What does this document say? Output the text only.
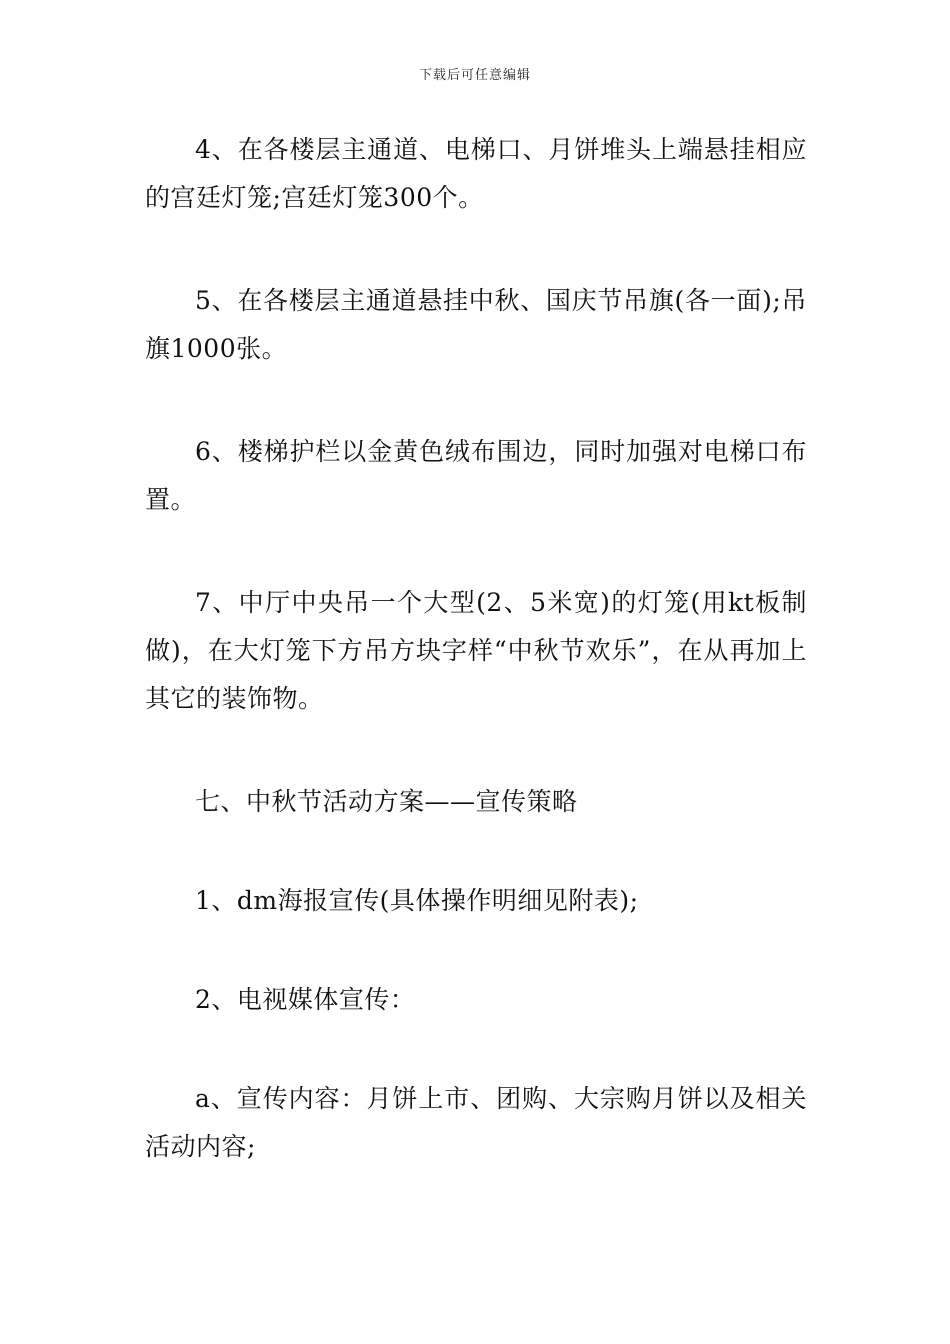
下载后可任意编辑

4、在各楼层主通道、电梯口、月饼堆头上端悬挂相应的宫廷灯笼;宫廷灯笼300个。

5、在各楼层主通道悬挂中秋、国庆节吊旗(各一面);吊旗1000张。

6、楼梯护栏以金黄色绒布围边，同时加强对电梯口布置。

7、中厅中央吊一个大型(2、5米宽)的灯笼(用kt板制做)，在大灯笼下方吊方块字样“中秋节欢乐”，在从再加上其它的装饰物。

七、中秋节活动方案——宣传策略

1、dm海报宣传(具体操作明细见附表);

2、电视媒体宣传：

a、宣传内容：月饼上市、团购、大宗购月饼以及相关活动内容;
